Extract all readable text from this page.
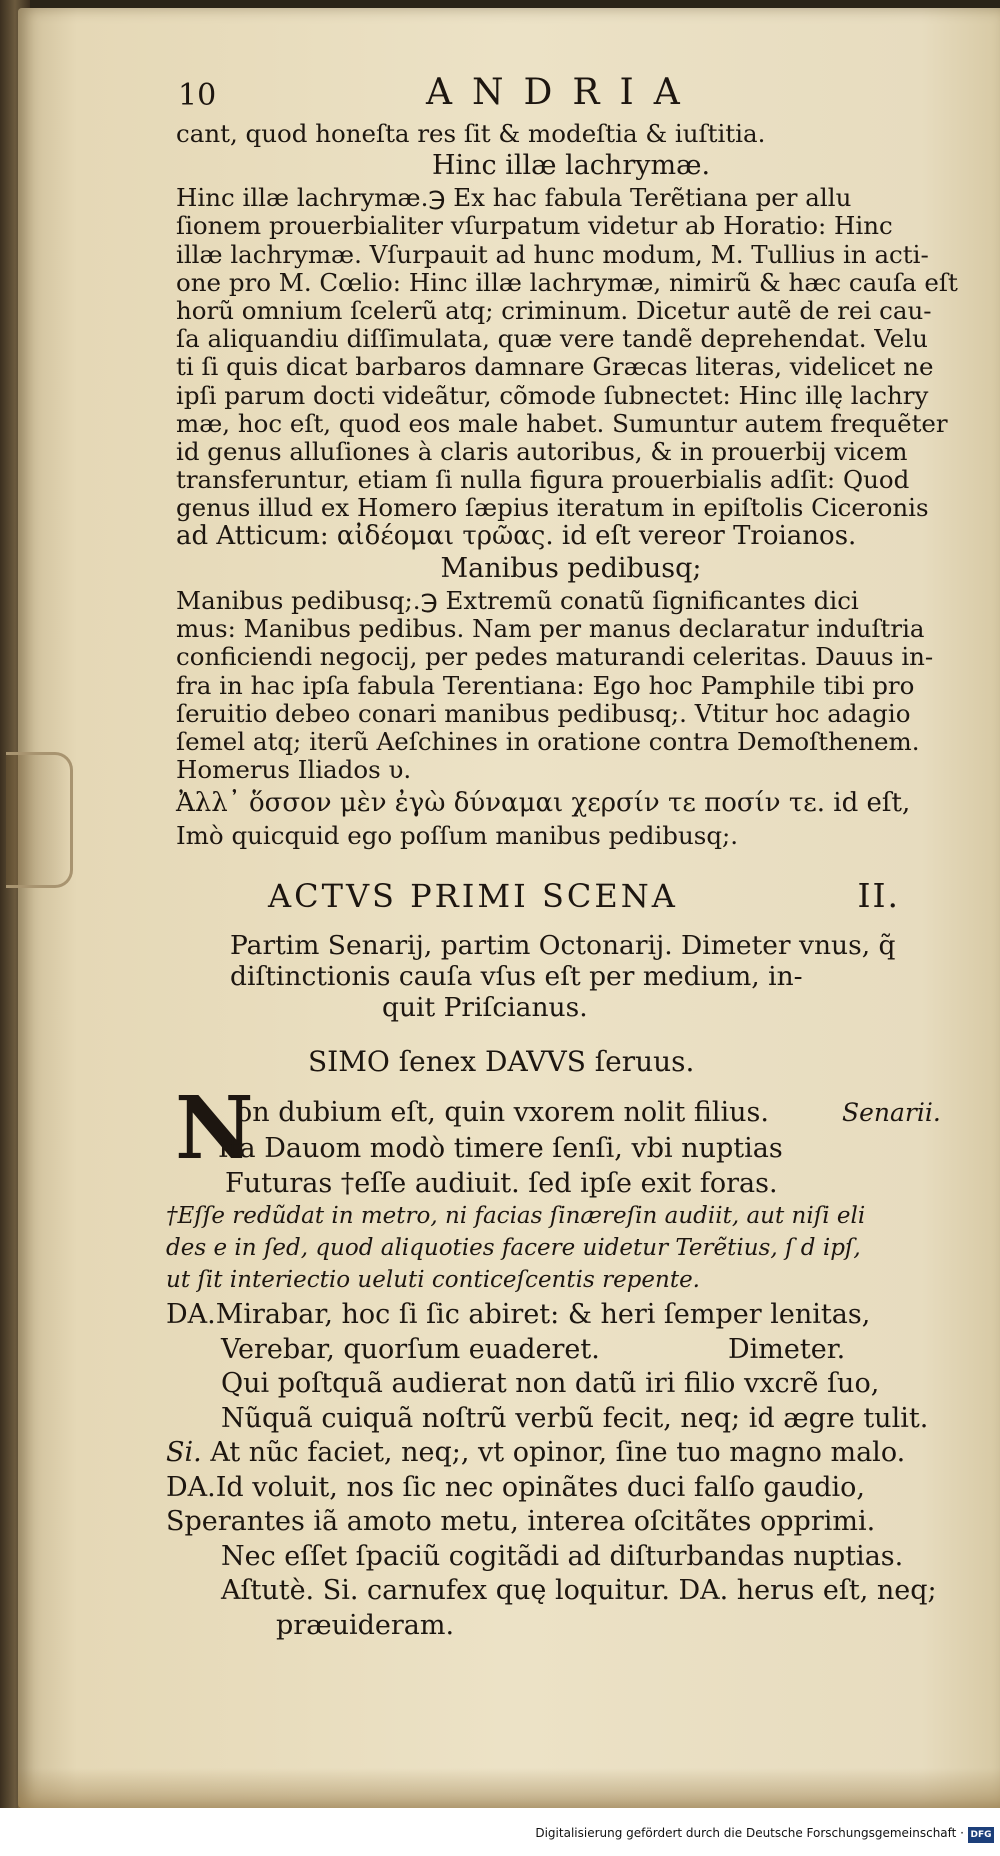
10	ANDRIA
cant, quod honeſta res ſit & modeſtia & iuſtitia.
Hinc illæ lachrymæ.
Hinc illæ lachrymæ.℈ Ex hac fabula Terẽtiana per allu
ſionem prouerbialiter vſurpatum videtur ab Horatio: Hinc
illæ lachrymæ. Vſurpauit ad hunc modum, M. Tullius in acti-
one pro M. Cœlio: Hinc illæ lachrymæ, nimirũ & hæc cauſa eſt
horũ omnium ſcelerũ atq; criminum. Dicetur autẽ de rei cau-
ſa aliquandiu diſſimulata, quæ vere tandẽ deprehendat. Velu
ti ſi quis dicat barbaros damnare Græcas literas, videlicet ne
ipſi parum docti videãtur, cõmode ſubnectet: Hinc illę lachry
mæ, hoc eſt, quod eos male habet. Sumuntur autem frequẽter
id genus alluſiones à claris autoribus, & in prouerbij vicem
transferuntur, etiam ſi nulla figura prouerbialis adſit: Quod
genus illud ex Homero ſæpius iteratum in epiſtolis Ciceronis
ad Atticum: αἰδέομαι τρῶας. id eſt vereor Troianos.
Manibus pedibusq;
Manibus pedibusq;.℈ Extremũ conatũ ſignificantes dici
mus: Manibus pedibus. Nam per manus declaratur induſtria
conficiendi negocij, per pedes maturandi celeritas. Dauus in-
fra in hac ipſa fabula Terentiana: Ego hoc Pamphile tibi pro
ſeruitio debeo conari manibus pedibusq;. Vtitur hoc adagio
ſemel atq; iterũ Aeſchines in oratione contra Demoſthenem.
Homerus Iliados υ.
Ἀλλ᾽ ὅσσον μὲν ἐγὼ δύναμαι χερσίν τε ποσίν τε. id eſt,
Imò quicquid ego poſſum manibus pedibusq;.
ACTVS PRIMI SCENA	II.
Partim Senarij, partim Octonarij. Dimeter vnus, q̃
diſtinctionis cauſa vſus eſt per medium, in-
quit Priſcianus.
SIMO ſenex DAVVS ſeruus.
N
on dubium eſt, quin vxorem nolit filius.	Senarii.
Ita Dauom modò timere ſenſi, vbi nuptias
Futuras †eſſe audiuit. ſed ipſe exit foras.
†Eſſe redũdat in metro, ni facias ſinæreſin audiit, aut niſi eli
des e in ſed, quod aliquoties facere uidetur Terẽtius, ſ d ipſ,
ut ſit interiectio ueluti conticeſcentis repente.
DA.Mirabar, hoc ſi ſic abiret: & heri ſemper lenitas,
Verebar, quorſum euaderet.	Dimeter.
Qui poſtquã audierat non datũ iri filio vxcrẽ ſuo,
Nũquã cuiquã noſtrũ verbũ fecit, neq; id ægre tulit.
Si. At nũc faciet, neq;, vt opinor, ſine tuo magno malo.
DA.Id voluit, nos ſic nec opinãtes duci falſo gaudio,
Sperantes iã amoto metu, interea oſcitãtes opprimi.
Nec eſſet ſpaciũ cogitãdi ad diſturbandas nuptias.
Aſtutè. Si. carnufex quę loquitur. DA. herus eſt, neq;
præuideram.
Digitalisierung gefördert durch die Deutsche Forschungsgemeinschaft · DFG
